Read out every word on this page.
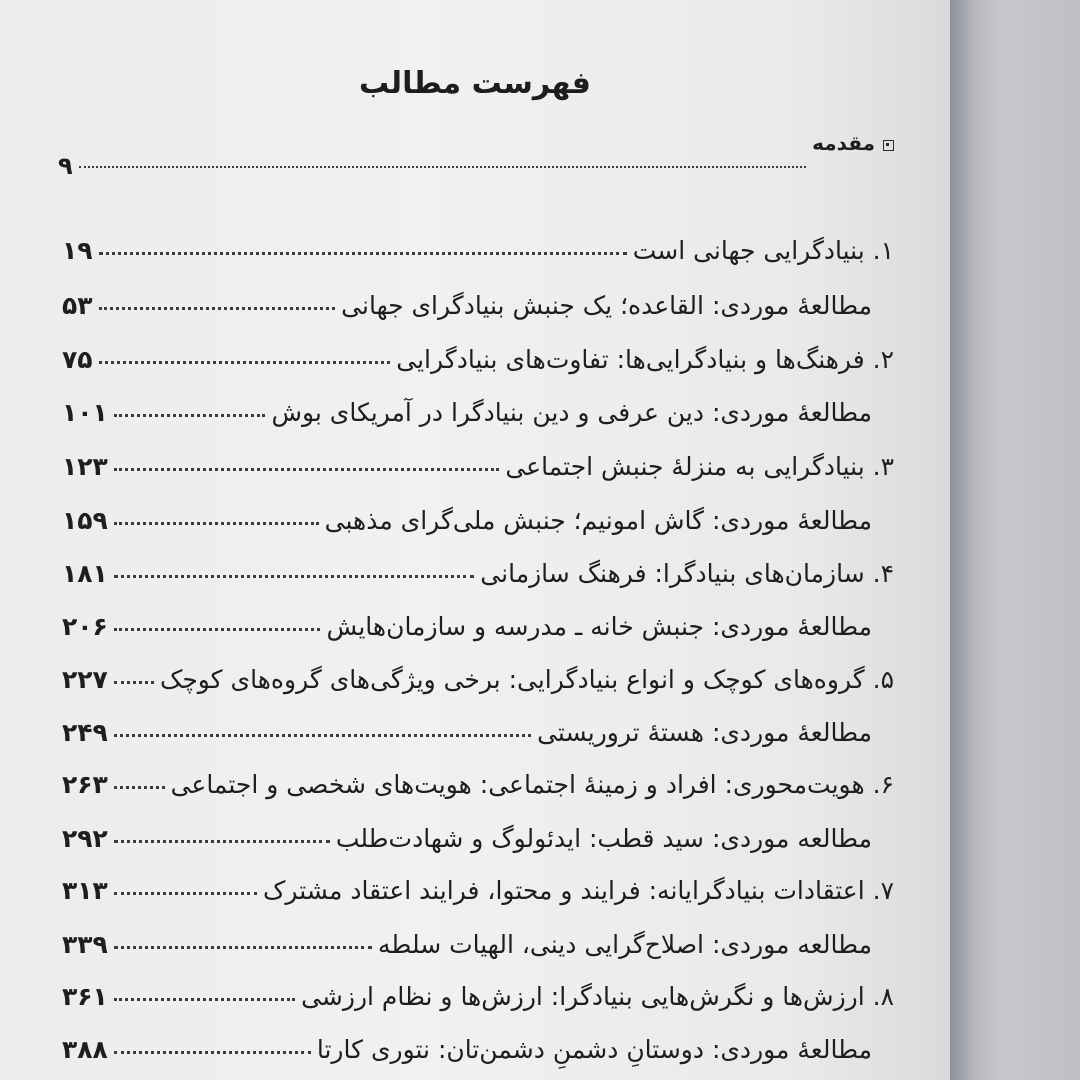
فهرست مطالب
مقدمه
۹
۱. بنیادگرایی جهانی است
۱۹
مطالعهٔ موردی: القاعده؛ یک جنبش بنیادگرای جهانی
۵۳
۲. فرهنگ‌ها و بنیادگرایی‌ها: تفاوت‌های بنیادگرایی
۷۵
مطالعهٔ موردی: دین عرفی و دین بنیادگرا در آمریکای بوش
۱۰۱
۳. بنیادگرایی به منزلهٔ جنبش اجتماعی
۱۲۳
مطالعهٔ موردی: گاش امونیم؛ جنبش ملی‌گرای مذهبی
۱۵۹
۴. سازمان‌های بنیادگرا: فرهنگ سازمانی
۱۸۱
مطالعهٔ موردی: جنبش خانه ـ مدرسه و سازمان‌هایش
۲۰۶
۵. گروه‌های کوچک و انواع بنیادگرایی: برخی ویژگی‌های گروه‌های کوچک
۲۲۷
مطالعهٔ موردی: هستهٔ تروریستی
۲۴۹
۶. هویت‌محوری: افراد و زمینهٔ اجتماعی: هویت‌های شخصی و اجتماعی
۲۶۳
مطالعه موردی: سید قطب: ایدئولوگ و شهادت‌طلب
۲۹۲
۷. اعتقادات بنیادگرایانه: فرایند و محتوا، فرایند اعتقاد مشترک
۳۱۳
مطالعه موردی: اصلاح‌گرایی دینی، الهیات سلطه
۳۳۹
۸. ارزش‌ها و نگرش‌هایی بنیادگرا: ارزش‌ها و نظام ارزشی
۳۶۱
مطالعهٔ موردی: دوستانِ دشمنِ دشمن‌تان: نتوری کارتا
۳۸۸
